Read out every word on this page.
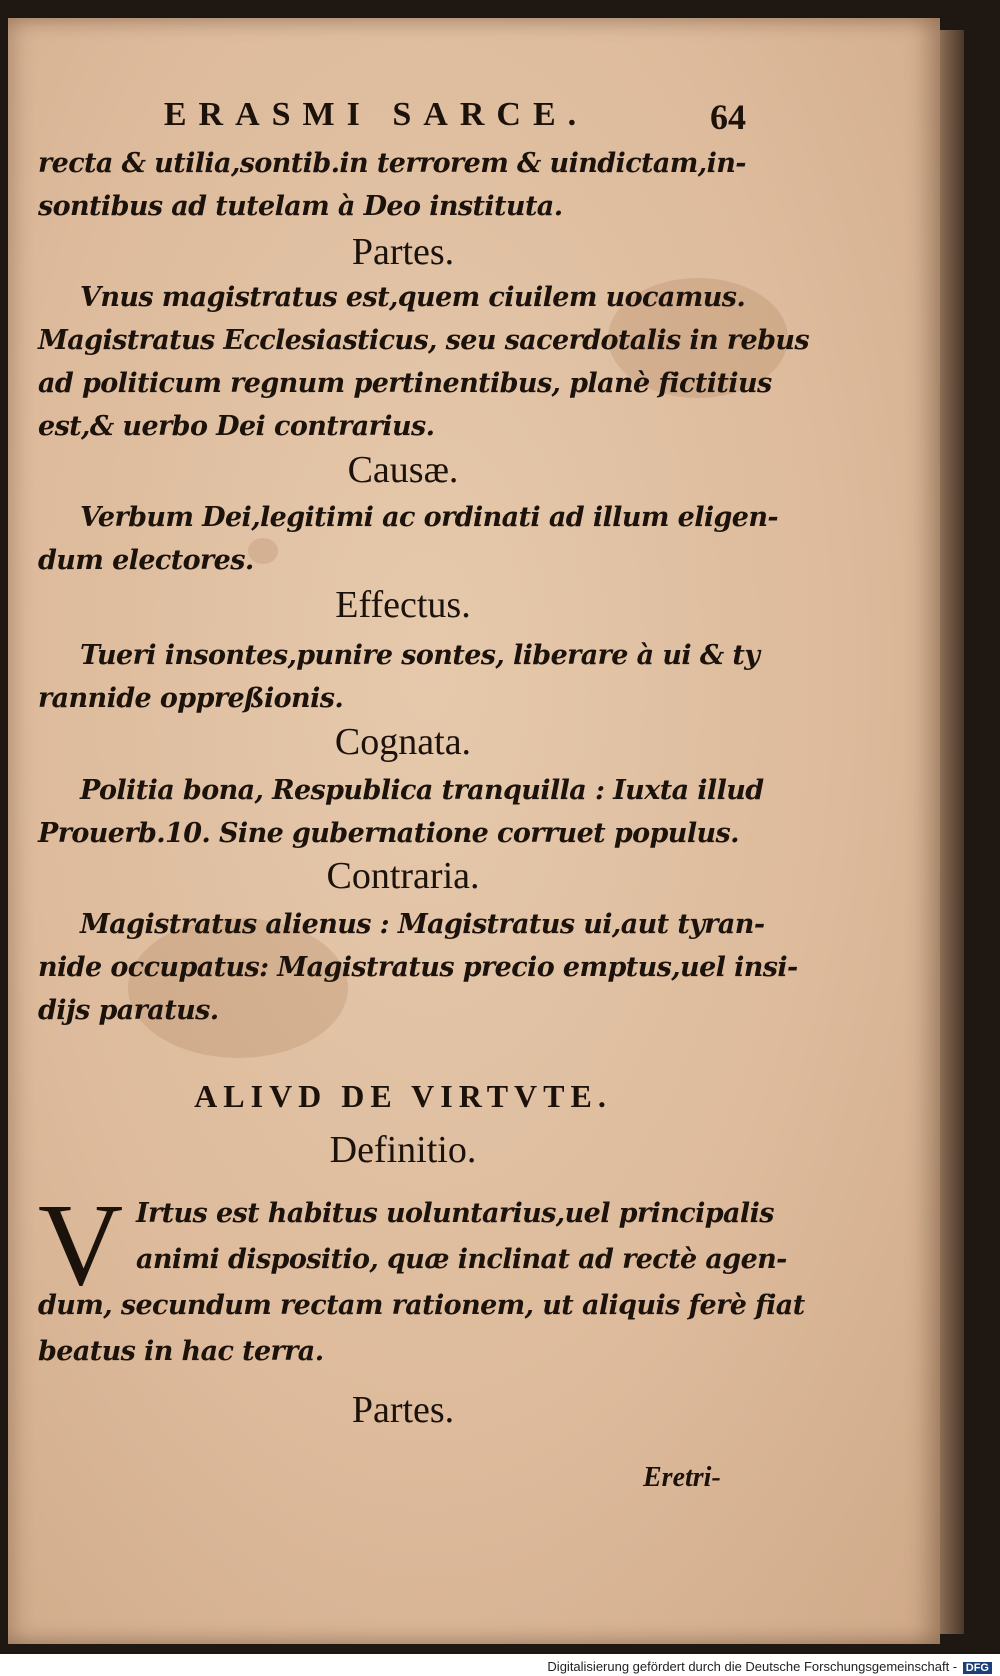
ERASMI SARCE.	64
recta & utilia,sontib.in terrorem & uindictam,in-
sontibus ad tutelam à Deo instituta.
Partes.
Vnus magistratus est,quem ciuilem uocamus.
Magistratus Ecclesiasticus, seu sacerdotalis in rebus
ad politicum regnum pertinentibus, planè fictitius
est,& uerbo Dei contrarius.
Causæ.
Verbum Dei,legitimi ac ordinati ad illum eligen-
dum electores.
Effectus.
Tueri insontes,punire sontes, liberare à ui & ty
rannide oppreßionis.
Cognata.
Politia bona, Respublica tranquilla : Iuxta illud
Prouerb.10. Sine gubernatione corruet populus.
Contraria.
Magistratus alienus : Magistratus ui,aut tyran-
nide occupatus: Magistratus precio emptus,uel insi-
dijs paratus.
ALIVD DE VIRTVTE.
Definitio.
V Irtus est habitus uoluntarius,uel principalis
animi dispositio, quæ inclinat ad rectè agen-
dum, secundum rectam rationem, ut aliquis ferè fiat
beatus in hac terra.
Partes.
Eretri-
Digitalisierung gefördert durch die Deutsche Forschungsgemeinschaft - DFG
